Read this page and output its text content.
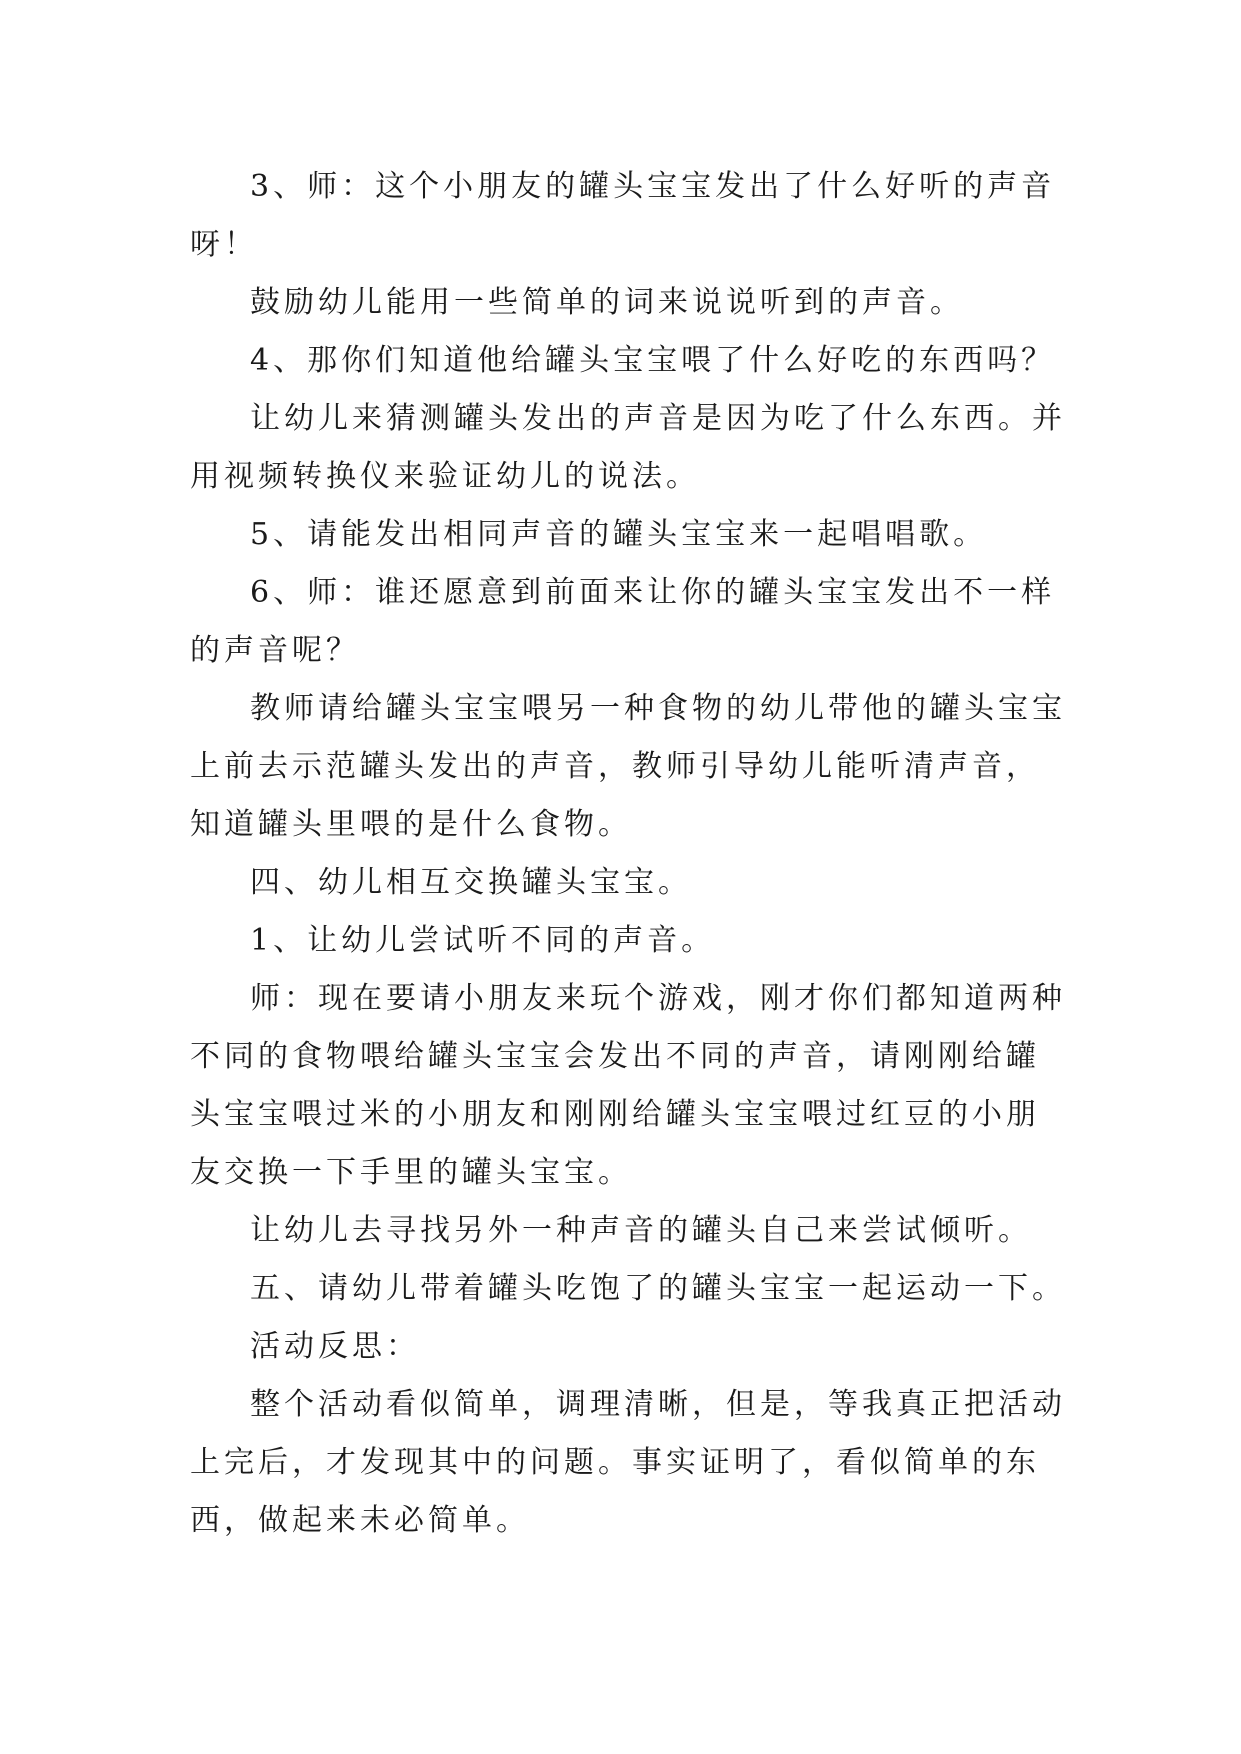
3、师：这个小朋友的罐头宝宝发出了什么好听的声音呀！

鼓励幼儿能用一些简单的词来说说听到的声音。

4、那你们知道他给罐头宝宝喂了什么好吃的东西吗？

让幼儿来猜测罐头发出的声音是因为吃了什么东西。并用视频转换仪来验证幼儿的说法。

5、请能发出相同声音的罐头宝宝来一起唱唱歌。

6、师：谁还愿意到前面来让你的罐头宝宝发出不一样的声音呢？

教师请给罐头宝宝喂另一种食物的幼儿带他的罐头宝宝上前去示范罐头发出的声音，教师引导幼儿能听清声音，知道罐头里喂的是什么食物。

四、幼儿相互交换罐头宝宝。

1、让幼儿尝试听不同的声音。

师：现在要请小朋友来玩个游戏，刚才你们都知道两种不同的食物喂给罐头宝宝会发出不同的声音，请刚刚给罐头宝宝喂过米的小朋友和刚刚给罐头宝宝喂过红豆的小朋友交换一下手里的罐头宝宝。

让幼儿去寻找另外一种声音的罐头自己来尝试倾听。

五、请幼儿带着罐头吃饱了的罐头宝宝一起运动一下。

活动反思：

整个活动看似简单，调理清晰，但是，等我真正把活动上完后，才发现其中的问题。事实证明了，看似简单的东西，做起来未必简单。
